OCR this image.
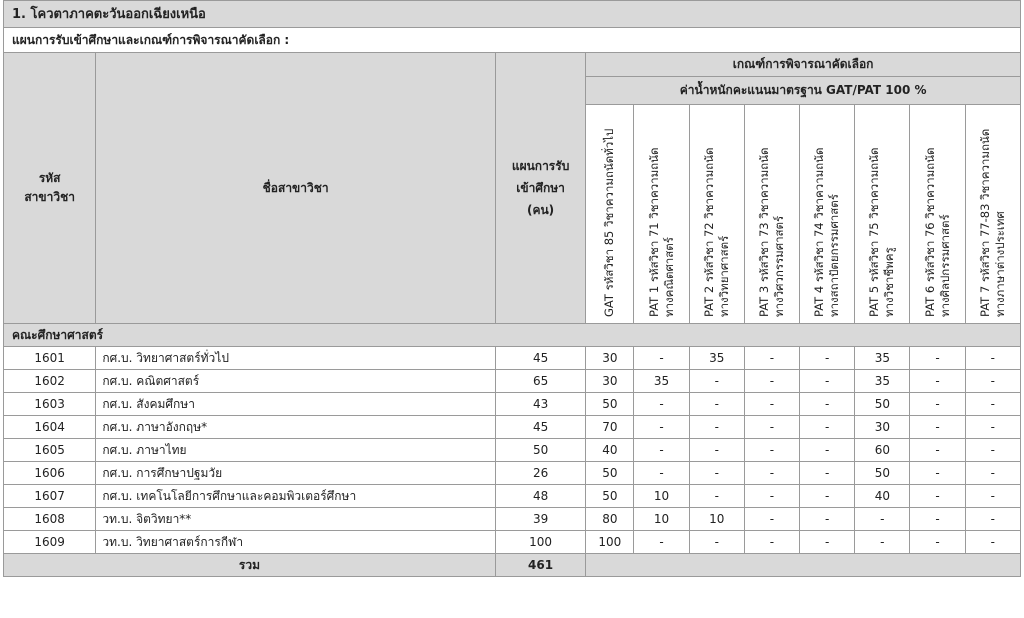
1. โควตาภาคตะวันออกเฉียงเหนือ
แผนการรับเข้าศึกษาและเกณฑ์การพิจารณาคัดเลือก :
รหัส
สาขาวิชา	ชื่อสาขาวิชา	แผนการรับ
เข้าศึกษา
(คน)	เกณฑ์การพิจารณาคัดเลือก							
			ค่าน้ำหนักคะแนนมาตรฐาน GAT/PAT 100 %							

			GAT รหัสวิชา 85 วิชาความถนัดทั่วไป	PAT 1 รหัสวิชา 71 วิชาความถนัด
ทางคณิตศาสตร์	PAT 2 รหัสวิชา 72 วิชาความถนัด
ทางวิทยาศาสตร์	PAT 3 รหัสวิชา 73 วิชาความถนัด
ทางวิศวกรรมศาสตร์	PAT 4 รหัสวิชา 74 วิชาความถนัด
ทางสถาปัตยกรรมศาสตร์	PAT 5 รหัสวิชา 75 วิชาความถนัด
ทางวิชาชีพครู	PAT 6 รหัสวิชา 76 วิชาความถนัด
ทางศิลปกรรมศาสตร์	PAT 7 รหัสวิชา 77-83 วิชาความถนัด
ทางภาษาต่างประเทศ

คณะศึกษาศาสตร์										
1601	กศ.บ. วิทยาศาสตร์ทั่วไป	45	30	-	35	-	-	35	-	-
1602	กศ.บ. คณิตศาสตร์	65	30	35	-	-	-	35	-	-
1603	กศ.บ. สังคมศึกษา	43	50	-	-	-	-	50	-	-
1604	กศ.บ. ภาษาอังกฤษ*	45	70	-	-	-	-	30	-	-
1605	กศ.บ. ภาษาไทย	50	40	-	-	-	-	60	-	-
1606	กศ.บ. การศึกษาปฐมวัย	26	50	-	-	-	-	50	-	-
1607	กศ.บ. เทคโนโลยีการศึกษาและคอมพิวเตอร์ศึกษา	48	50	10	-	-	-	40	-	-
1608	วท.บ. จิตวิทยา**	39	80	10	10	-	-	-	-	-
1609	วท.บ. วิทยาศาสตร์การกีฬา	100	100	-	-	-	-	-	-	-
รวม		461								
